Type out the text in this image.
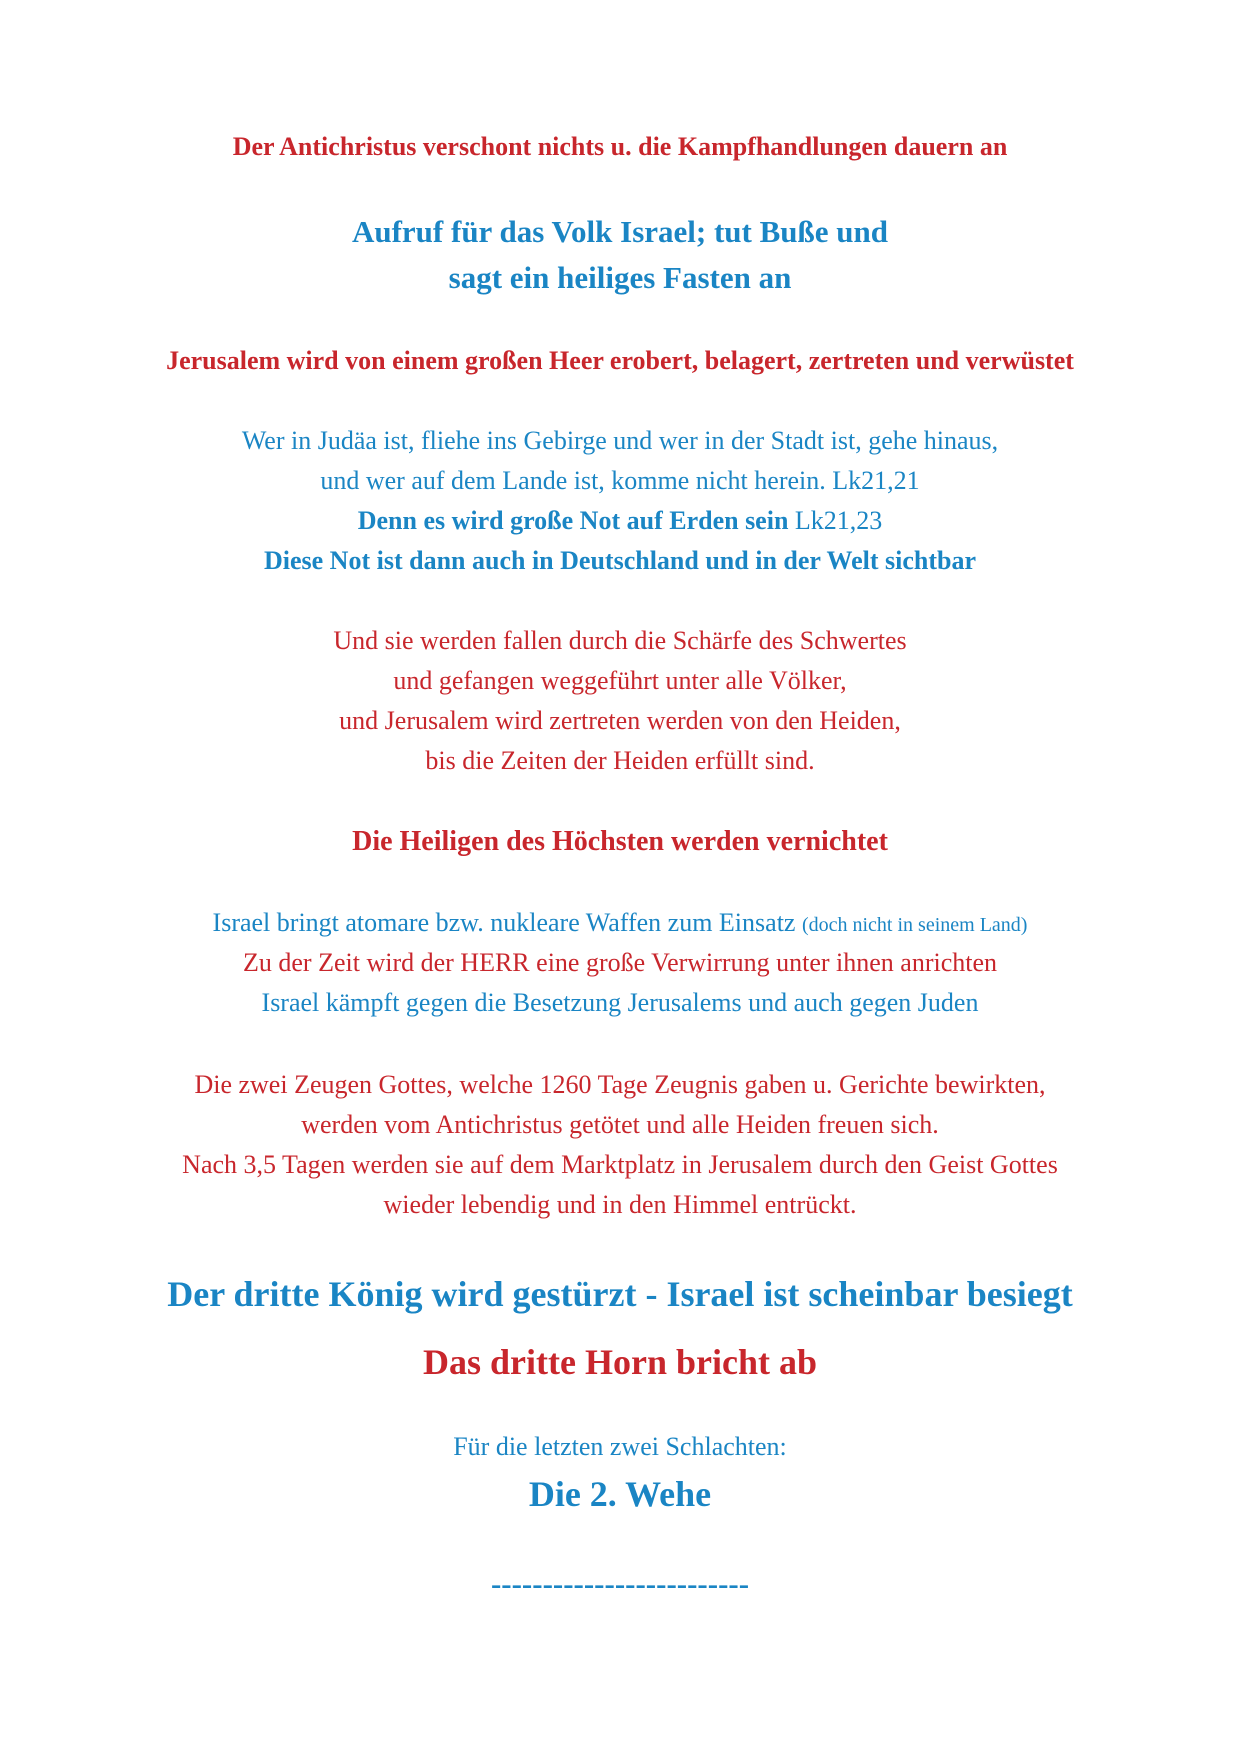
Der Antichristus verschont nichts u. die Kampfhandlungen dauern an
Aufruf für das Volk Israel; tut Buße und
sagt ein heiliges Fasten an
Jerusalem wird von einem großen Heer erobert, belagert, zertreten und verwüstet
Wer in Judäa ist, fliehe ins Gebirge und wer in der Stadt ist, gehe hinaus,
und wer auf dem Lande ist, komme nicht herein. Lk21,21
Denn es wird große Not auf Erden sein Lk21,23
Diese Not ist dann auch in Deutschland und in der Welt sichtbar
Und sie werden fallen durch die Schärfe des Schwertes
und gefangen weggeführt unter alle Völker,
und Jerusalem wird zertreten werden von den Heiden,
bis die Zeiten der Heiden erfüllt sind.
Die Heiligen des Höchsten werden vernichtet
Israel bringt atomare bzw. nukleare Waffen zum Einsatz (doch nicht in seinem Land)
Zu der Zeit wird der HERR eine große Verwirrung unter ihnen anrichten
Israel kämpft gegen die Besetzung Jerusalems und auch gegen Juden
Die zwei Zeugen Gottes, welche 1260 Tage Zeugnis gaben u. Gerichte bewirkten,
werden vom Antichristus getötet und alle Heiden freuen sich.
Nach 3,5 Tagen werden sie auf dem Marktplatz in Jerusalem durch den Geist Gottes
wieder lebendig und in den Himmel entrückt.
Der dritte König wird gestürzt - Israel ist scheinbar besiegt
Das dritte Horn bricht ab
Für die letzten zwei Schlachten:
Die 2. Wehe
-------------------------
